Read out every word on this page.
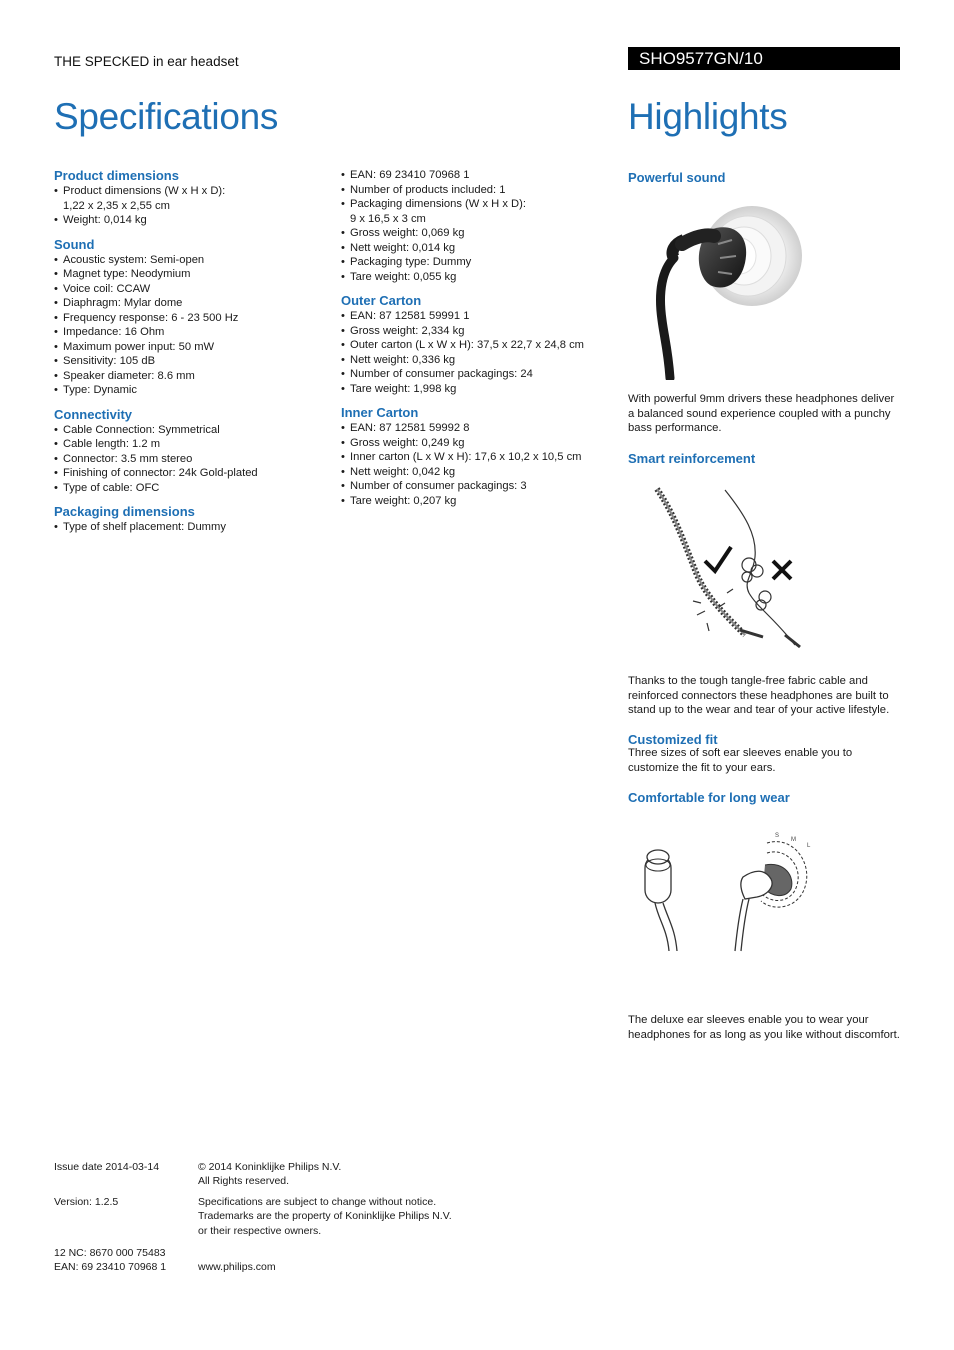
THE SPECKED in ear headset	SHO9577GN/10
Specifications	Highlights
Product dimensions
• Product dimensions (W x H x D):
1,22 x 2,35 x 2,55 cm
• Weight: 0,014 kg
Sound
• Acoustic system: Semi-open
• Magnet type: Neodymium
• Voice coil: CCAW
• Diaphragm: Mylar dome
• Frequency response: 6 - 23 500 Hz
• Impedance: 16 Ohm
• Maximum power input: 50 mW
• Sensitivity: 105 dB
• Speaker diameter: 8.6 mm
• Type: Dynamic
Connectivity
• Cable Connection: Symmetrical
• Cable length: 1.2 m
• Connector: 3.5 mm stereo
• Finishing of connector: 24k Gold-plated
• Type of cable: OFC
Packaging dimensions
• Type of shelf placement: Dummy
• EAN: 69 23410 70968 1
• Number of products included: 1
• Packaging dimensions (W x H x D):
9 x 16,5 x 3 cm
• Gross weight: 0,069 kg
• Nett weight: 0,014 kg
• Packaging type: Dummy
• Tare weight: 0,055 kg
Outer Carton
• EAN: 87 12581 59991 1
• Gross weight: 2,334 kg
• Outer carton (L x W x H): 37,5 x 22,7 x 24,8 cm
• Nett weight: 0,336 kg
• Number of consumer packagings: 24
• Tare weight: 1,998 kg
Inner Carton
• EAN: 87 12581 59992 8
• Gross weight: 0,249 kg
• Inner carton (L x W x H): 17,6 x 10,2 x 10,5 cm
• Nett weight: 0,042 kg
• Number of consumer packagings: 3
• Tare weight: 0,207 kg
Powerful sound
With powerful 9mm drivers these headphones deliver a balanced sound experience coupled with a punchy bass performance.
Smart reinforcement
Thanks to the tough tangle-free fabric cable and reinforced connectors these headphones are built to stand up to the wear and tear of your active lifestyle.
Customized fit
Three sizes of soft ear sleeves enable you to customize the fit to your ears.
Comfortable for long wear
S
M
L
The deluxe ear sleeves enable you to wear your headphones for as long as you like without discomfort.
Issue date 2014-03-14	© 2014 Koninklijke Philips N.V.
All Rights reserved.
Version: 1.2.5	Specifications are subject to change without notice.
Trademarks are the property of Koninklijke Philips N.V.
or their respective owners.
12 NC: 8670 000 75483
EAN: 69 23410 70968 1	www.philips.com
